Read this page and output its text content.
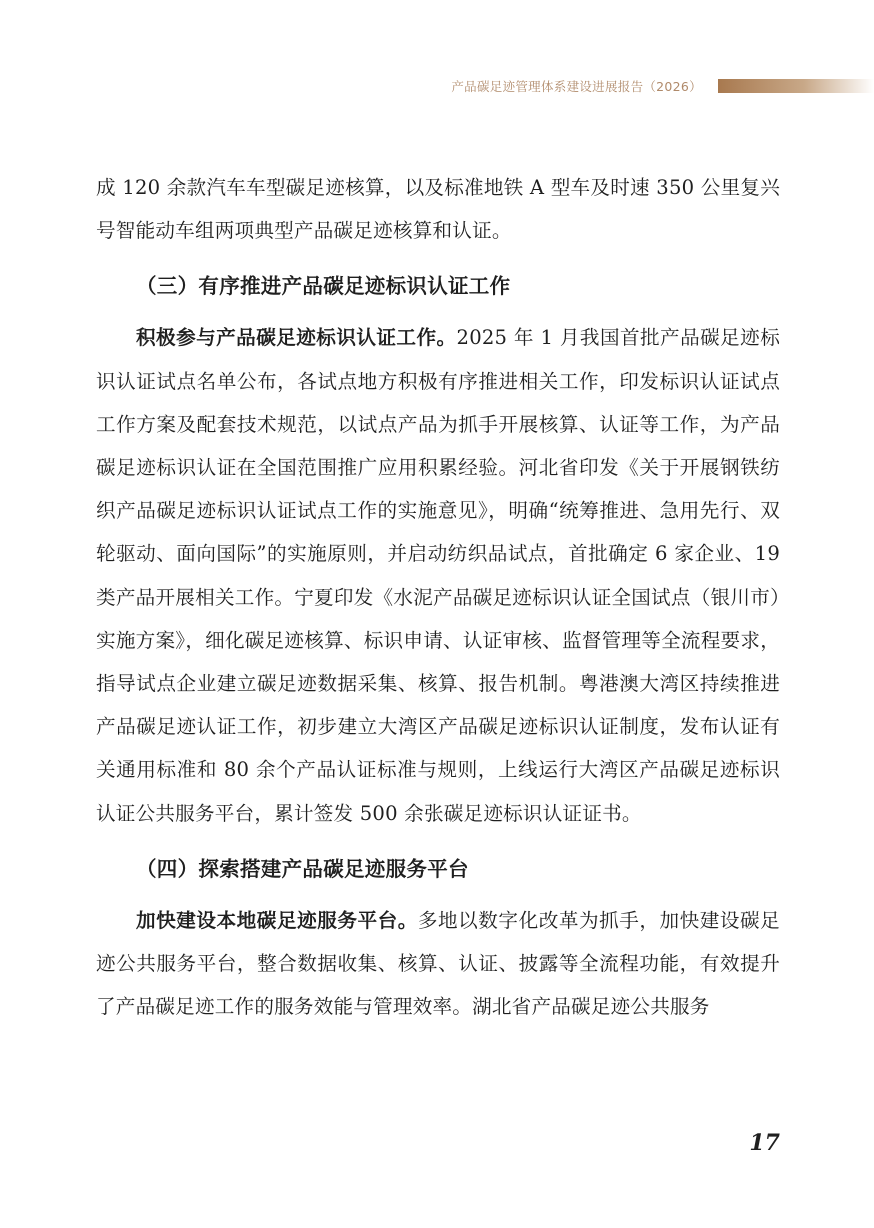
产品碳足迹管理体系建设进展报告（2026）

成 120 余款汽车车型碳足迹核算，以及标准地铁 A 型车及时速 350 公里复兴号智能动车组两项典型产品碳足迹核算和认证。

（三）有序推进产品碳足迹标识认证工作

积极参与产品碳足迹标识认证工作。2025 年 1 月我国首批产品碳足迹标识认证试点名单公布，各试点地方积极有序推进相关工作，印发标识认证试点工作方案及配套技术规范，以试点产品为抓手开展核算、认证等工作，为产品碳足迹标识认证在全国范围推广应用积累经验。河北省印发《关于开展钢铁纺织产品碳足迹标识认证试点工作的实施意见》，明确“统筹推进、急用先行、双轮驱动、面向国际”的实施原则，并启动纺织品试点，首批确定 6 家企业、19 类产品开展相关工作。宁夏印发《水泥产品碳足迹标识认证全国试点（银川市）实施方案》，细化碳足迹核算、标识申请、认证审核、监督管理等全流程要求，指导试点企业建立碳足迹数据采集、核算、报告机制。粤港澳大湾区持续推进产品碳足迹认证工作，初步建立大湾区产品碳足迹标识认证制度，发布认证有关通用标准和 80 余个产品认证标准与规则，上线运行大湾区产品碳足迹标识认证公共服务平台，累计签发 500 余张碳足迹标识认证证书。

（四）探索搭建产品碳足迹服务平台

加快建设本地碳足迹服务平台。多地以数字化改革为抓手，加快建设碳足迹公共服务平台，整合数据收集、核算、认证、披露等全流程功能，有效提升了产品碳足迹工作的服务效能与管理效率。湖北省产品碳足迹公共服务

17
